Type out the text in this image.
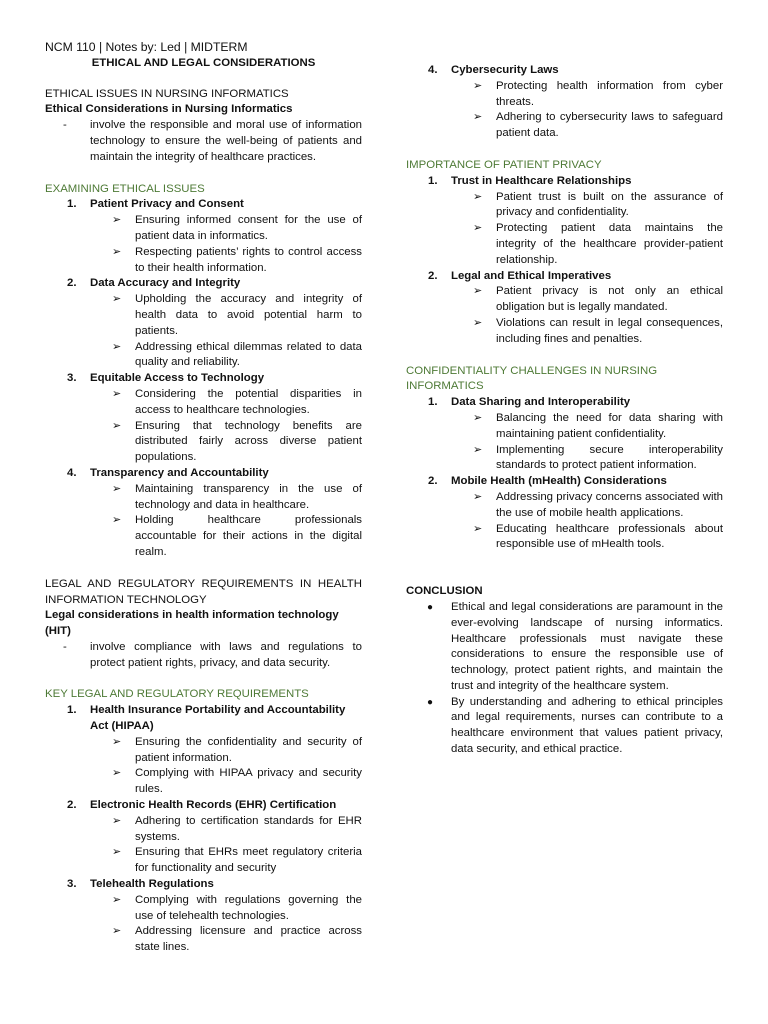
NCM 110 | Notes by: Led | MIDTERM

ETHICAL AND LEGAL CONSIDERATIONS

ETHICAL ISSUES IN NURSING INFORMATICS

Ethical Considerations in Nursing Informatics

- involve the responsible and moral use of information technology to ensure the well-being of patients and maintain the integrity of healthcare practices.

EXAMINING ETHICAL ISSUES

1. Patient Privacy and Consent

➢ Ensuring informed consent for the use of patient data in informatics.

➢ Respecting patients’ rights to control access to their health information.

2. Data Accuracy and Integrity

➢ Upholding the accuracy and integrity of health data to avoid potential harm to patients.

➢ Addressing ethical dilemmas related to data quality and reliability.

3. Equitable Access to Technology

➢ Considering the potential disparities in access to healthcare technologies.

➢ Ensuring that technology benefits are distributed fairly across diverse patient populations.

4. Transparency and Accountability

➢ Maintaining transparency in the use of technology and data in healthcare.

➢ Holding healthcare professionals accountable for their actions in the digital realm.

LEGAL AND REGULATORY REQUIREMENTS IN HEALTH INFORMATION TECHNOLOGY

Legal considerations in health information technology (HIT)

- involve compliance with laws and regulations to protect patient rights, privacy, and data security.

KEY LEGAL AND REGULATORY REQUIREMENTS

1. Health Insurance Portability and Accountability Act (HIPAA)

➢ Ensuring the confidentiality and security of patient information.

➢ Complying with HIPAA privacy and security rules.

2. Electronic Health Records (EHR) Certification

➢ Adhering to certification standards for EHR systems.

➢ Ensuring that EHRs meet regulatory criteria for functionality and security

3. Telehealth Regulations

➢ Complying with regulations governing the use of telehealth technologies.

➢ Addressing licensure and practice across state lines.

4. Cybersecurity Laws

➢ Protecting health information from cyber threats.

➢ Adhering to cybersecurity laws to safeguard patient data.

IMPORTANCE OF PATIENT PRIVACY

1. Trust in Healthcare Relationships

➢ Patient trust is built on the assurance of privacy and confidentiality.

➢ Protecting patient data maintains the integrity of the healthcare provider-patient relationship.

2. Legal and Ethical Imperatives

➢ Patient privacy is not only an ethical obligation but is legally mandated.

➢ Violations can result in legal consequences, including fines and penalties.

CONFIDENTIALITY CHALLENGES IN NURSING INFORMATICS

1. Data Sharing and Interoperability

➢ Balancing the need for data sharing with maintaining patient confidentiality.

➢ Implementing secure interoperability standards to protect patient information.

2. Mobile Health (mHealth) Considerations

➢ Addressing privacy concerns associated with the use of mobile health applications.

➢ Educating healthcare professionals about responsible use of mHealth tools.

CONCLUSION

● Ethical and legal considerations are paramount in the ever-evolving landscape of nursing informatics. Healthcare professionals must navigate these considerations to ensure the responsible use of technology, protect patient rights, and maintain the trust and integrity of the healthcare system.

● By understanding and adhering to ethical principles and legal requirements, nurses can contribute to a healthcare environment that values patient privacy, data security, and ethical practice.
